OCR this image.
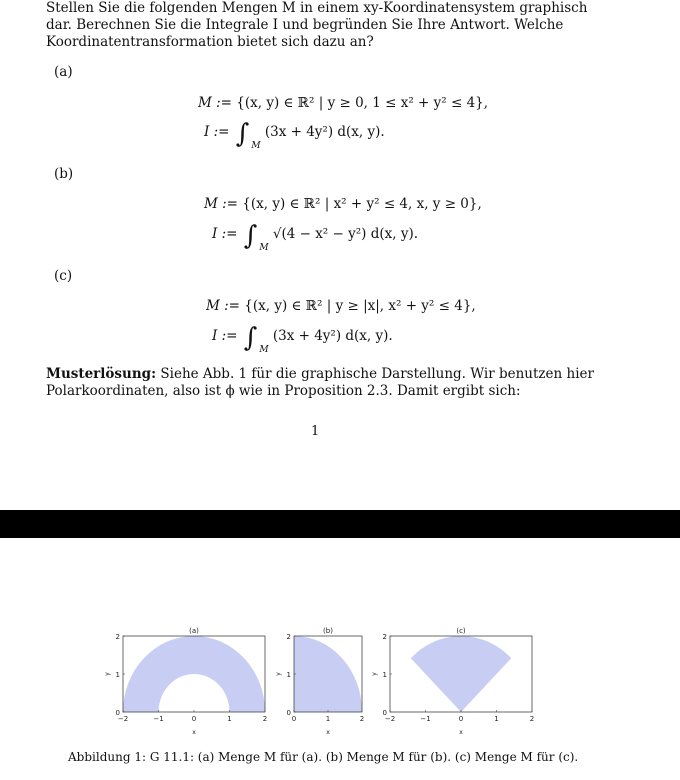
Stellen Sie die folgenden Mengen M in einem xy-Koordinatensystem graphisch dar. Berechnen Sie die Integrale I und begründen Sie Ihre Antwort. Welche Koordinatentransformation bietet sich dazu an?
(a)
M := {(x, y) ∈ ℝ² | y ≥ 0, 1 ≤ x² + y² ≤ 4},
I := ∫ $_M$ (3x + 4y²) d(x, y).
(b)
M := {(x, y) ∈ ℝ² | x² + y² ≤ 4, x, y ≥ 0},
I := ∫ $_M$ √(4 − x² − y²) d(x, y).
(c)
M := {(x, y) ∈ ℝ² | y ≥ |x|, x² + y² ≤ 4},
I := ∫ $_M$ (3x + 4y²) d(x, y).
Musterlösung: Siehe Abb. 1 für die graphische Darstellung. Wir benutzen hier Polarkoordinaten, also ist ϕ wie in Proposition 2.3. Damit ergibt sich:
1
(a)
−2	−1	0	1	2
0
1
2
x
y
(b)
0	1	2
0
1
2
x
y
(c)
−2	−1	0	1	2
0
1
2
x
y
Abbildung 1: G 11.1: (a) Menge M für (a). (b) Menge M für (b). (c) Menge M für (c).
